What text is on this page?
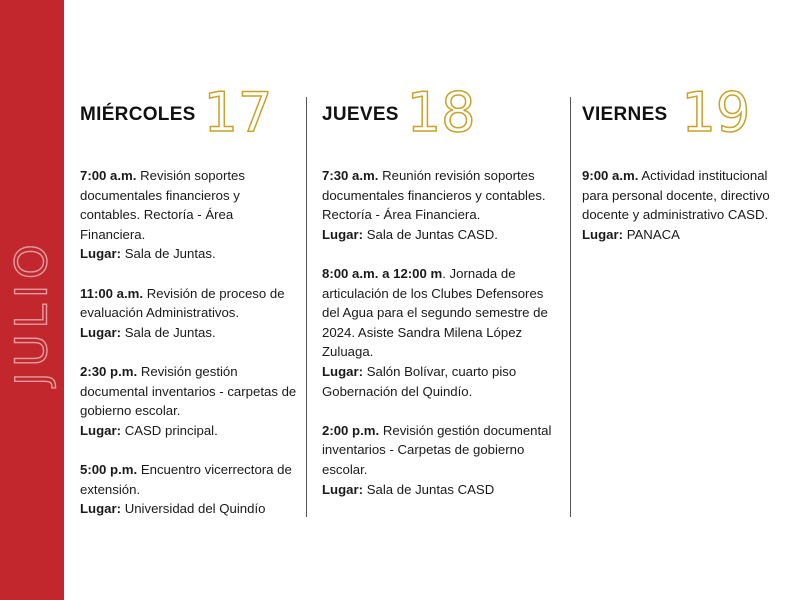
JULIO
MIÉRCOLES 17
7:00 a.m. Revisión soportes documentales financieros y contables. Rectoría - Área Financiera.
Lugar: Sala de Juntas.
11:00 a.m. Revisión de proceso de evaluación Administrativos.
Lugar: Sala de Juntas.
2:30 p.m. Revisión gestión documental inventarios - carpetas de gobierno escolar.
Lugar: CASD principal.
5:00 p.m. Encuentro vicerrectora de extensión.
Lugar: Universidad del Quindío
JUEVES 18
7:30 a.m. Reunión revisión soportes documentales financieros y contables. Rectoría - Área Financiera.
Lugar: Sala de Juntas CASD.
8:00 a.m. a 12:00 m. Jornada de articulación de los Clubes Defensores del Agua para el segundo semestre de 2024. Asiste Sandra Milena López Zuluaga.
Lugar: Salón Bolívar, cuarto piso Gobernación del Quindío.
2:00 p.m. Revisión gestión documental inventarios - Carpetas de gobierno escolar.
Lugar: Sala de Juntas CASD
VIERNES 19
9:00 a.m. Actividad institucional para personal docente, directivo docente y administrativo CASD.
Lugar: PANACA
